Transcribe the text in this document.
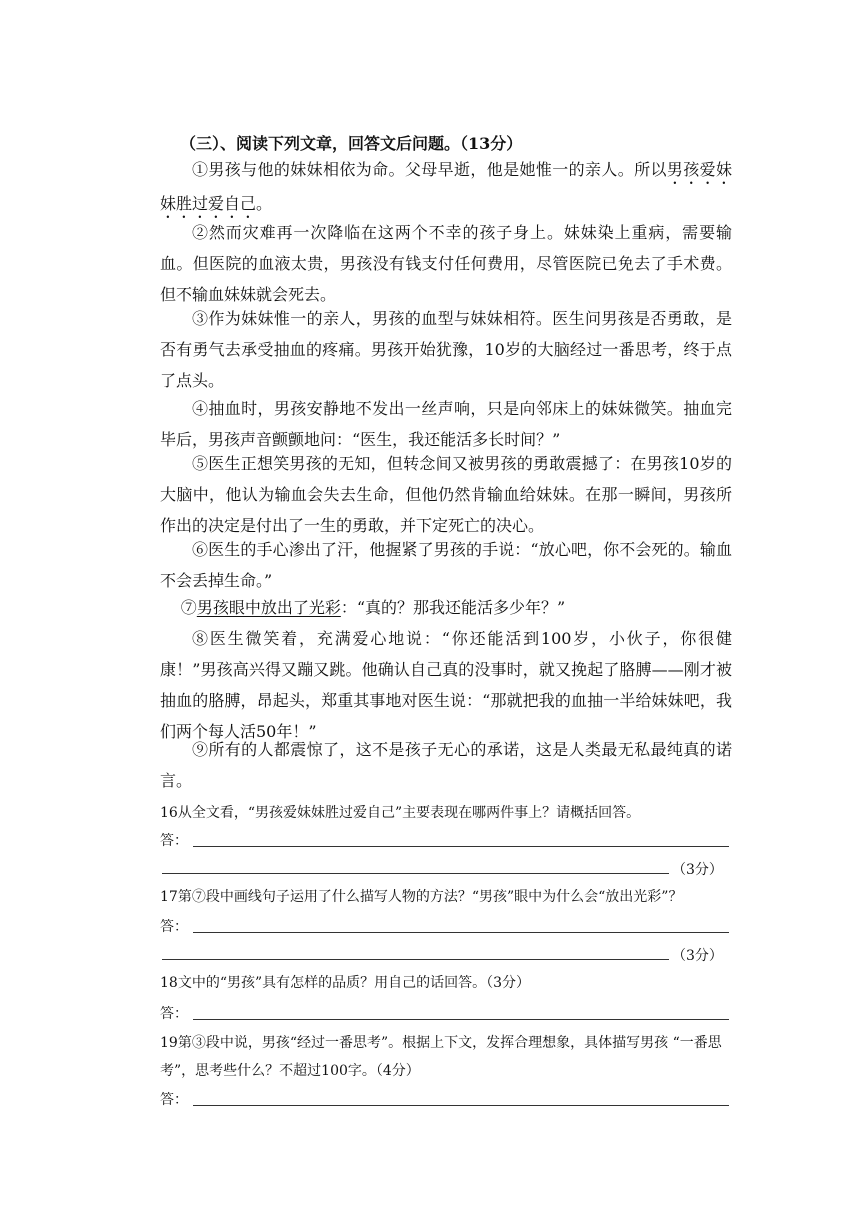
（三）、阅读下列文章，回答文后问题。（13分）
①男孩与他的妹妹相依为命。父母早逝，他是她惟一的亲人。所以男孩爱妹妹胜过爱自己。
②然而灾难再一次降临在这两个不幸的孩子身上。妹妹染上重病，需要输血。但医院的血液太贵，男孩没有钱支付任何费用，尽管医院已免去了手术费。但不输血妹妹就会死去。
③作为妹妹惟一的亲人，男孩的血型与妹妹相符。医生问男孩是否勇敢，是否有勇气去承受抽血的疼痛。男孩开始犹豫，10岁的大脑经过一番思考，终于点了点头。
④抽血时，男孩安静地不发出一丝声响，只是向邻床上的妹妹微笑。抽血完毕后，男孩声音颤颤地问：“医生，我还能活多长时间？”
⑤医生正想笑男孩的无知，但转念间又被男孩的勇敢震撼了：在男孩10岁的大脑中，他认为输血会失去生命，但他仍然肯输血给妹妹。在那一瞬间，男孩所作出的决定是付出了一生的勇敢，并下定死亡的决心。
⑥医生的手心渗出了汗，他握紧了男孩的手说：“放心吧，你不会死的。输血不会丢掉生命。”
⑦男孩眼中放出了光彩：“真的？那我还能活多少年？”
⑧医生微笑着，充满爱心地说：“你还能活到100岁，小伙子，你很健康！”男孩高兴得又蹦又跳。他确认自己真的没事时，就又挽起了胳膊——刚才被抽血的胳膊，昂起头，郑重其事地对医生说：“那就把我的血抽一半给妹妹吧，我们两个每人活50年！”
⑨所有的人都震惊了，这不是孩子无心的承诺，这是人类最无私最纯真的诺言。
16从全文看，“男孩爱妹妹胜过爱自己”主要表现在哪两件事上？请概括回答。
答：
（3分）
17第⑦段中画线句子运用了什么描写人物的方法？“男孩”眼中为什么会“放出光彩”？
答：
（3分）
18文中的“男孩”具有怎样的品质？用自己的话回答。（3分）
答：
19第③段中说，男孩“经过一番思考”。根据上下文，发挥合理想象，具体描写男孩 “一番思考”，思考些什么？不超过100字。（4分）
答：
